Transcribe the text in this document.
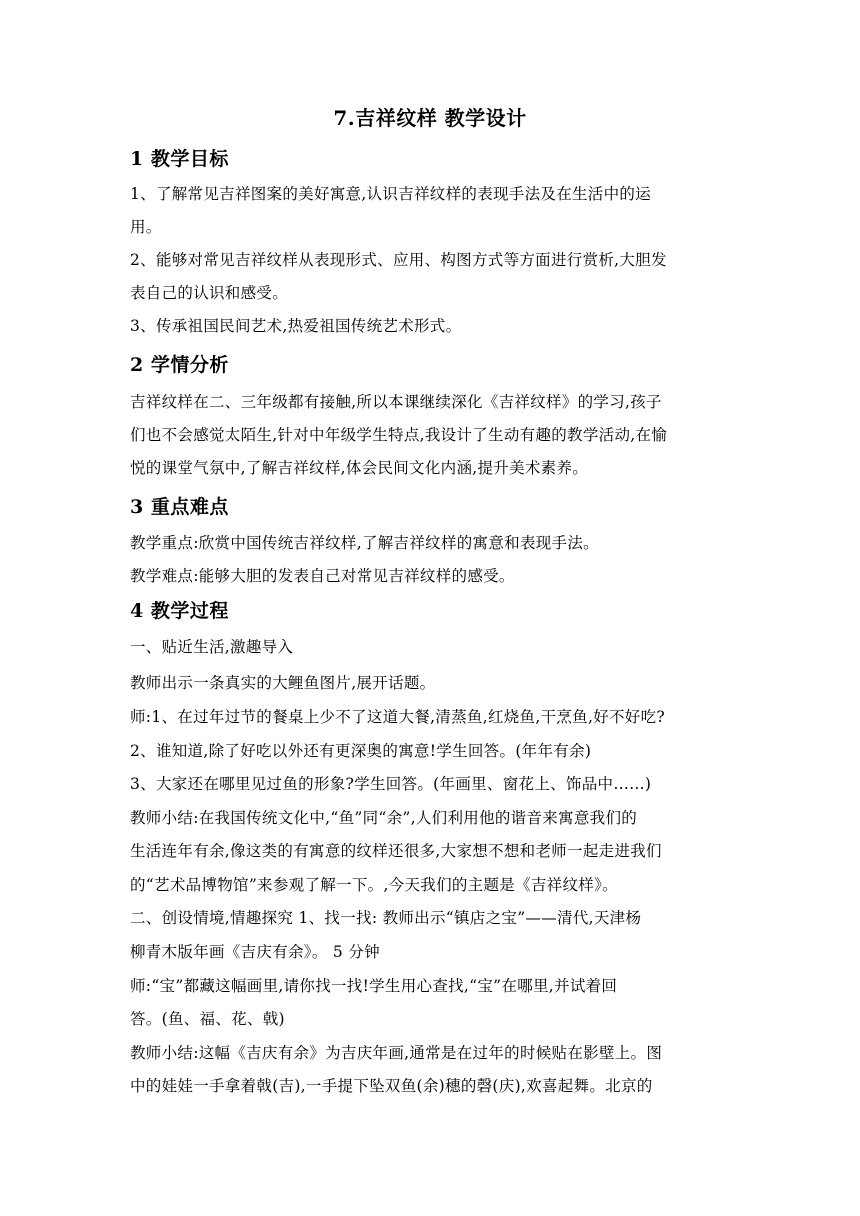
7.吉祥纹样 教学设计
1 教学目标
1、了解常见吉祥图案的美好寓意,认识吉祥纹样的表现手法及在生活中的运
用。
2、能够对常见吉祥纹样从表现形式、应用、构图方式等方面进行赏析,大胆发
表自己的认识和感受。
3、传承祖国民间艺术,热爱祖国传统艺术形式。
2 学情分析
吉祥纹样在二、三年级都有接触,所以本课继续深化《吉祥纹样》的学习,孩子
们也不会感觉太陌生,针对中年级学生特点,我设计了生动有趣的教学活动,在愉
悦的课堂气氛中,了解吉祥纹样,体会民间文化内涵,提升美术素养。
3 重点难点
教学重点:欣赏中国传统吉祥纹样,了解吉祥纹样的寓意和表现手法。
教学难点:能够大胆的发表自己对常见吉祥纹样的感受。
4 教学过程
一、贴近生活,激趣导入
教师出示一条真实的大鲤鱼图片,展开话题。
师:1、在过年过节的餐桌上少不了这道大餐,清蒸鱼,红烧鱼,干烹鱼,好不好吃?
2、谁知道,除了好吃以外还有更深奥的寓意!学生回答。(年年有余)
3、大家还在哪里见过鱼的形象?学生回答。(年画里、窗花上、饰品中……)
教师小结:在我国传统文化中,“鱼”同“余”,人们利用他的谐音来寓意我们的
生活连年有余,像这类的有寓意的纹样还很多,大家想不想和老师一起走进我们
的“艺术品博物馆”来参观了解一下。,今天我们的主题是《吉祥纹样》。
二、创设情境,情趣探究 1、找一找: 教师出示“镇店之宝”——清代,天津杨
柳青木版年画《吉庆有余》。 5 分钟
师:“宝”都藏这幅画里,请你找一找!学生用心查找,“宝”在哪里,并试着回
答。(鱼、福、花、戟)
教师小结:这幅《吉庆有余》为吉庆年画,通常是在过年的时候贴在影壁上。图
中的娃娃一手拿着戟(吉),一手提下坠双鱼(余)穗的磬(庆),欢喜起舞。北京的
